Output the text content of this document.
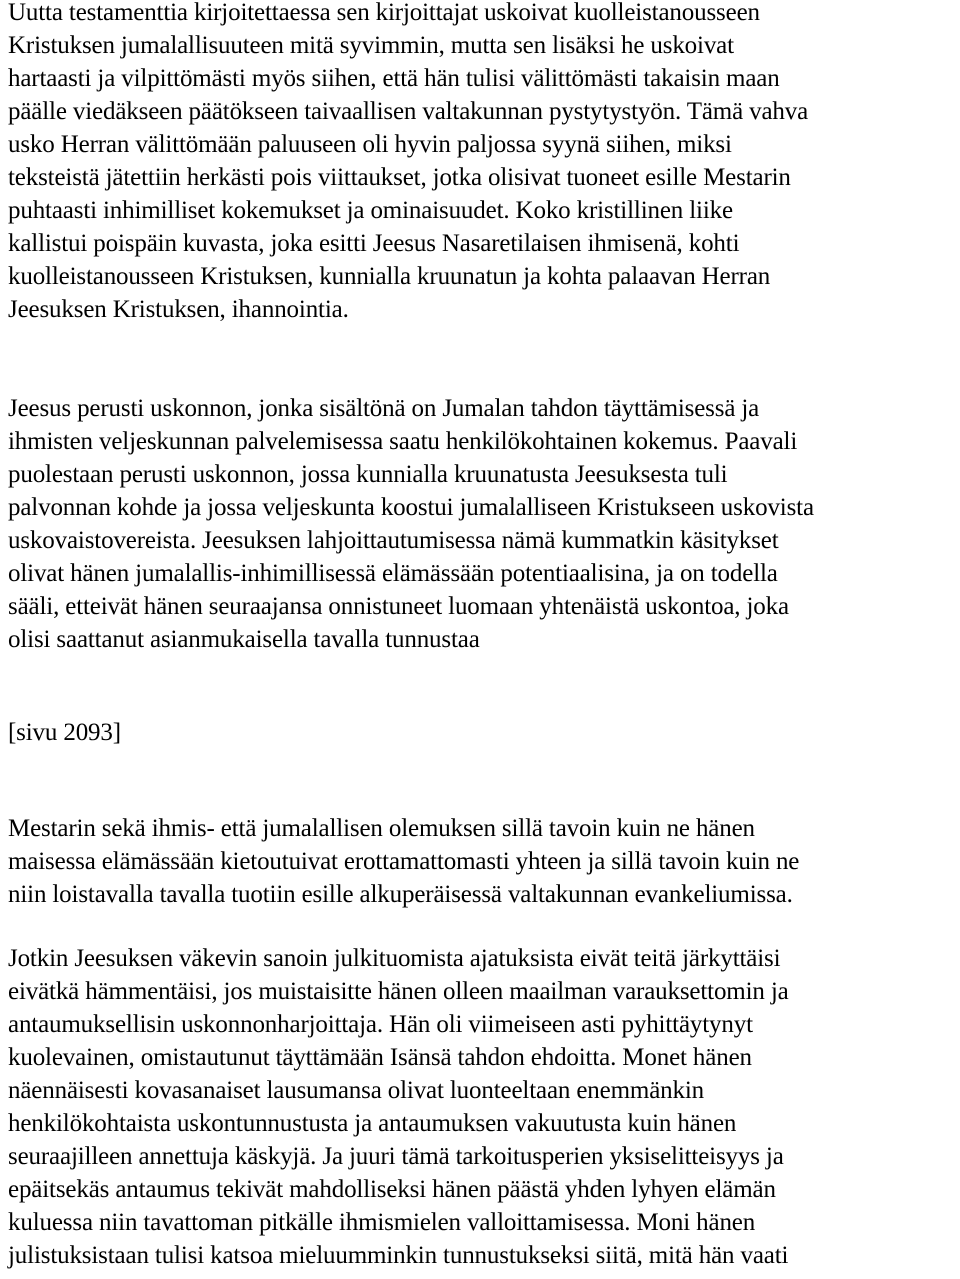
Uutta testamenttia kirjoitettaessa sen kirjoittajat uskoivat kuolleistanousseen
Kristuksen jumalallisuuteen mitä syvimmin, mutta sen lisäksi he uskoivat
hartaasti ja vilpittömästi myös siihen, että hän tulisi välittömästi takaisin maan
päälle viedäkseen päätökseen taivaallisen valtakunnan pystytystyön. Tämä vahva
usko Herran välittömään paluuseen oli hyvin paljossa syynä siihen, miksi
teksteistä jätettiin herkästi pois viittaukset, jotka olisivat tuoneet esille Mestarin
puhtaasti inhimilliset kokemukset ja ominaisuudet. Koko kristillinen liike
kallistui poispäin kuvasta, joka esitti Jeesus Nasaretilaisen ihmisenä, kohti
kuolleistanousseen Kristuksen, kunnialla kruunatun ja kohta palaavan Herran
Jeesuksen Kristuksen, ihannointia.

Jeesus perusti uskonnon, jonka sisältönä on Jumalan tahdon täyttämisessä ja
ihmisten veljeskunnan palvelemisessa saatu henkilökohtainen kokemus. Paavali
puolestaan perusti uskonnon, jossa kunnialla kruunatusta Jeesuksesta tuli
palvonnan kohde ja jossa veljeskunta koostui jumalalliseen Kristukseen uskovista
uskovaistovereista. Jeesuksen lahjoittautumisessa nämä kummatkin käsitykset
olivat hänen jumalallis-inhimillisessä elämässään potentiaalisina, ja on todella
sääli, etteivät hänen seuraajansa onnistuneet luomaan yhtenäistä uskontoa, joka
olisi saattanut asianmukaisella tavalla tunnustaa

[sivu 2093]

Mestarin sekä ihmis- että jumalallisen olemuksen sillä tavoin kuin ne hänen
maisessa elämässään kietoutuivat erottamattomasti yhteen ja sillä tavoin kuin ne
niin loistavalla tavalla tuotiin esille alkuperäisessä valtakunnan evankeliumissa.

Jotkin Jeesuksen väkevin sanoin julkituomista ajatuksista eivät teitä järkyttäisi
eivätkä hämmentäisi, jos muistaisitte hänen olleen maailman varauksettomin ja
antaumuksellisin uskonnonharjoittaja. Hän oli viimeiseen asti pyhittäytynyt
kuolevainen, omistautunut täyttämään Isänsä tahdon ehdoitta. Monet hänen
näennäisesti kovasanaiset lausumansa olivat luonteeltaan enemmänkin
henkilökohtaista uskontunnustusta ja antaumuksen vakuutusta kuin hänen
seuraajilleen annettuja käskyjä. Ja juuri tämä tarkoitusperien yksiselitteisyys ja
epäitsekäs antaumus tekivät mahdolliseksi hänen päästä yhden lyhyen elämän
kuluessa niin tavattoman pitkälle ihmismielen valloittamisessa. Moni hänen
julistuksistaan tulisi katsoa mieluumminkin tunnustukseksi siitä, mitä hän vaati
